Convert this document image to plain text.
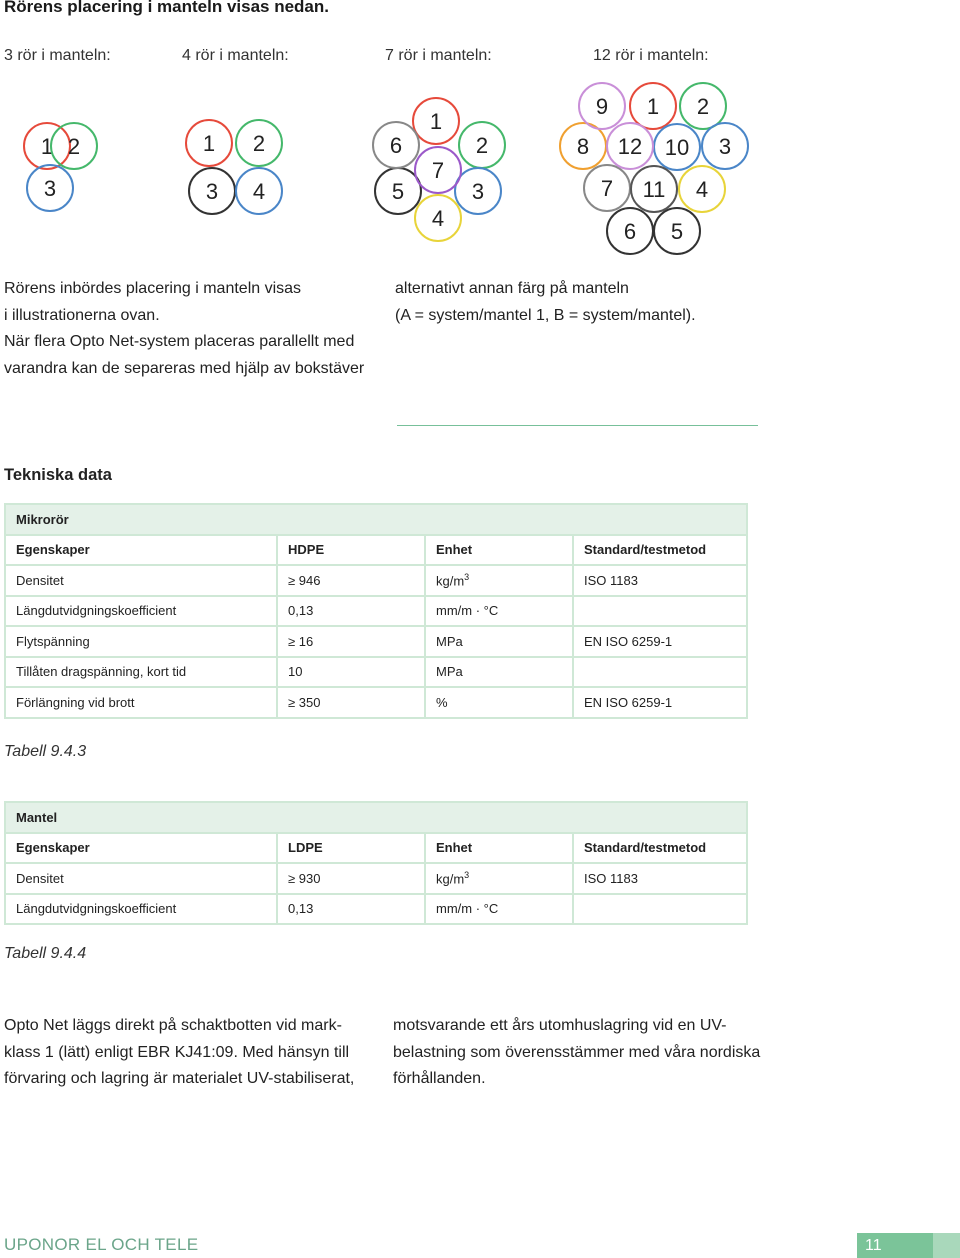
Rörens placering i manteln visas nedan.
3 rör i manteln:	4 rör i manteln:	7 rör i manteln:	12 rör i manteln:
1 2
3
1 2
3 4
1
2
3
4
5
6
7
1 2
3
4
5
6
7
8
9
10
11
12
Rörens inbördes placering i manteln visas
i illustrationerna ovan.
När flera Opto Net-system placeras parallellt med
varandra kan de separeras med hjälp av bokstäver
alternativt annan färg på manteln
(A = system/mantel 1, B = system/mantel).
Tekniska data
Mikrorör			
Egenskaper	HDPE	Enhet	Standard/testmetod
Densitet	≥ 946	$kg/m^3$	ISO 1183
Längdutvidgningskoefficient	0,13	mm/m · °C	
Flytspänning	≥ 16	MPa	EN ISO 6259-1
Tillåten dragspänning, kort tid	10	MPa	
Förlängning vid brott	≥ 350	%	EN ISO 6259-1
Tabell 9.4.3
Mantel			
Egenskaper	LDPE	Enhet	Standard/testmetod
Densitet	≥ 930	$kg/m^3$	ISO 1183
Längdutvidgningskoefficient	0,13	mm/m · °C	
Tabell 9.4.4
Opto Net läggs direkt på schaktbotten vid mark-
klass 1 (lätt) enligt EBR KJ41:09. Med hänsyn till
förvaring och lagring är materialet UV-stabiliserat,
motsvarande ett års utomhuslagring vid en UV-
belastning som överensstämmer med våra nordiska
förhållanden.
UPONOR EL OCH TELE	11
